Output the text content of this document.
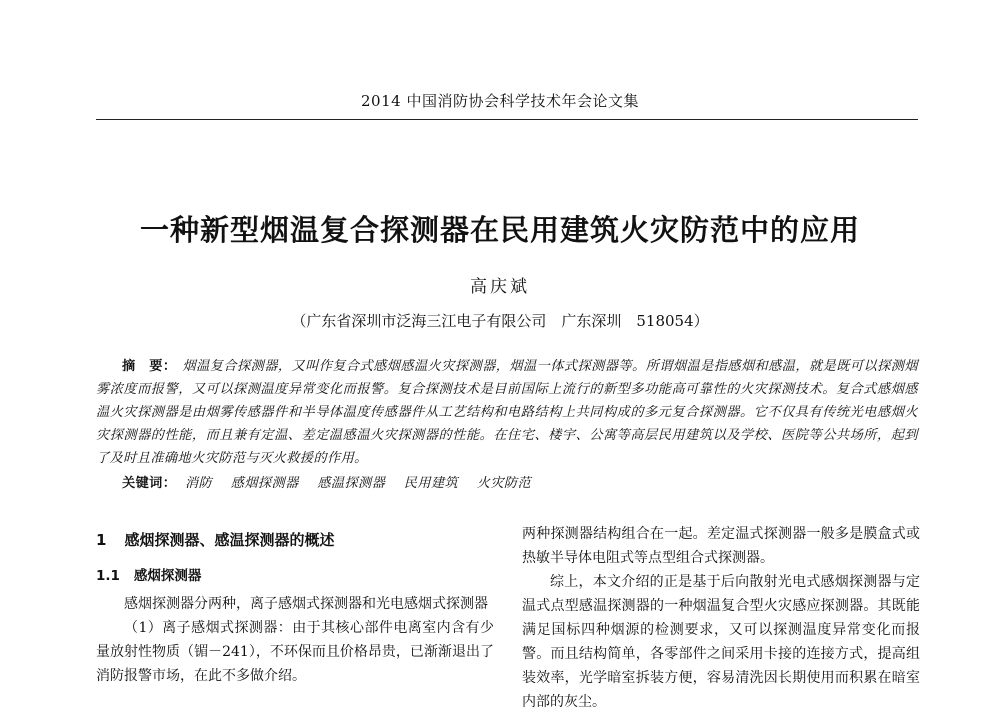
2014 中国消防协会科学技术年会论文集
一种新型烟温复合探测器在民用建筑火灾防范中的应用
高庆斌
（广东省深圳市泛海三江电子有限公司　广东深圳　518054）
摘　要： 烟温复合探测器，又叫作复合式感烟感温火灾探测器，烟温一体式探测器等。所谓烟温是指感烟和感温，就是既可以探测烟雾浓度而报警，又可以探测温度异常变化而报警。复合探测技术是目前国际上流行的新型多功能高可靠性的火灾探测技术。复合式感烟感温火灾探测器是由烟雾传感器件和半导体温度传感器件从工艺结构和电路结构上共同构成的多元复合探测器。它不仅具有传统光电感烟火灾探测器的性能，而且兼有定温、差定温感温火灾探测器的性能。在住宅、楼宇、公寓等高层民用建筑以及学校、医院等公共场所，起到了及时且准确地火灾防范与灭火救援的作用。
关键词： 消防 感烟探测器 感温探测器 民用建筑 火灾防范
1 感烟探测器、感温探测器的概述
1.1 感烟探测器

感烟探测器分两种，离子感烟式探测器和光电感烟式探测器

（1）离子感烟式探测器：由于其核心部件电离室内含有少量放射性物质（镅－241），不环保而且价格昂贵，已渐渐退出了消防报警市场，在此不多做介绍。

两种探测器结构组合在一起。差定温式探测器一般多是膜盒式或热敏半导体电阻式等点型组合式探测器。

综上，本文介绍的正是基于后向散射光电式感烟探测器与定温式点型感温探测器的一种烟温复合型火灾感应探测器。其既能满足国标四种烟源的检测要求，又可以探测温度异常变化而报警。而且结构简单，各零部件之间采用卡接的连接方式，提高组装效率，光学暗室拆装方便，容易清洗因长期使用而积累在暗室内部的灰尘。
